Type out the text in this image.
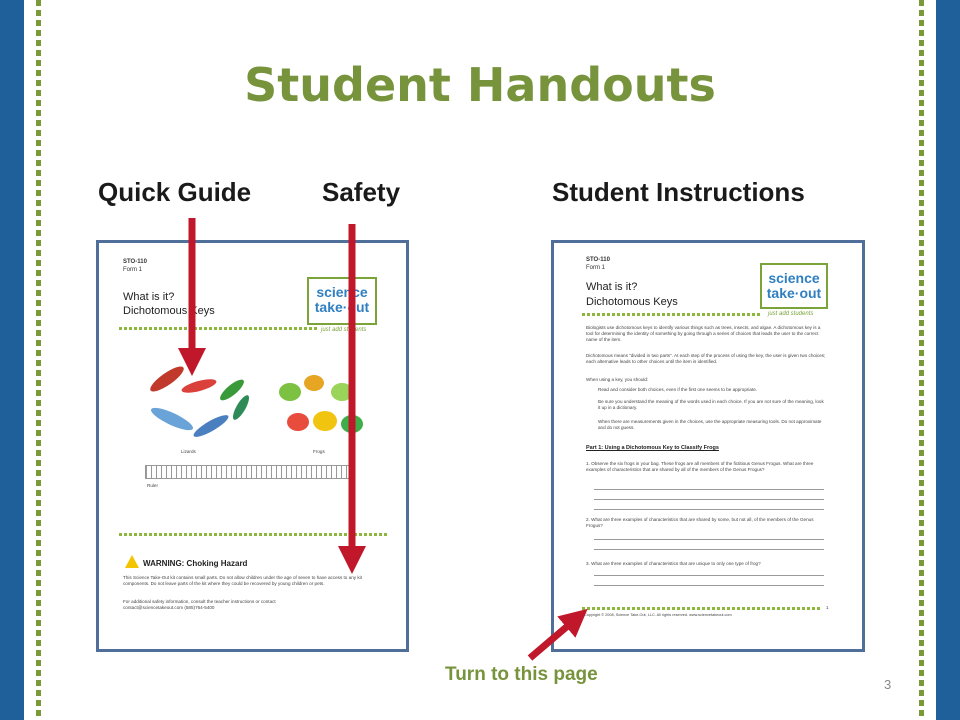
Student Handouts
Quick Guide	Safety	Student Instructions
STO-110
Form 1
What is it?
Dichotomous Keys
science
take·out
just add students
Lizards	Frogs
Ruler
WARNING: Choking Hazard
This Science Take-Out kit contains small parts. Do not allow children under the age of seven to have access to any kit components. Do not leave parts of the kit where they could be recovered by young children or pets.
For additional safety information, consult the teacher instructions or contact contact@sciencetakeout.com (585)764-5400
STO-110
Form 1
What is it?
Dichotomous Keys
science
take·out
just add students
Biologists use dichotomous keys to identify various things such as trees, insects, and algae. A dichotomous key is a tool for determining the identity of something by going through a series of choices that leads the user to the correct name of the item.
Dichotomous means "divided in two parts". At each step of the process of using the key, the user is given two choices; each alternative leads to other choices until the item is identified.
When using a key, you should:
Read and consider both choices, even if the first one seems to be appropriate.
Be sure you understand the meaning of the words used in each choice. If you are not sure of the meaning, look it up in a dictionary.
When there are measurements given in the choices, use the appropriate measuring tools. Do not approximate and do not guess.
Part 1: Using a Dichotomous Key to Classify Frogs
1. Observe the six frogs in your bag. These frogs are all members of the fictitious Genus Frogus. What are three examples of characteristics that are shared by all of the members of the Genus Frogus?
2. What are three examples of characteristics that are shared by some, but not all, of the members of the Genus Frogus?
3. What are three examples of characteristics that are unique to only one type of frog?
Copyright © 2008, Science Take-Out, LLC. All rights reserved. www.sciencetakeout.com
1
Turn to this page	3
